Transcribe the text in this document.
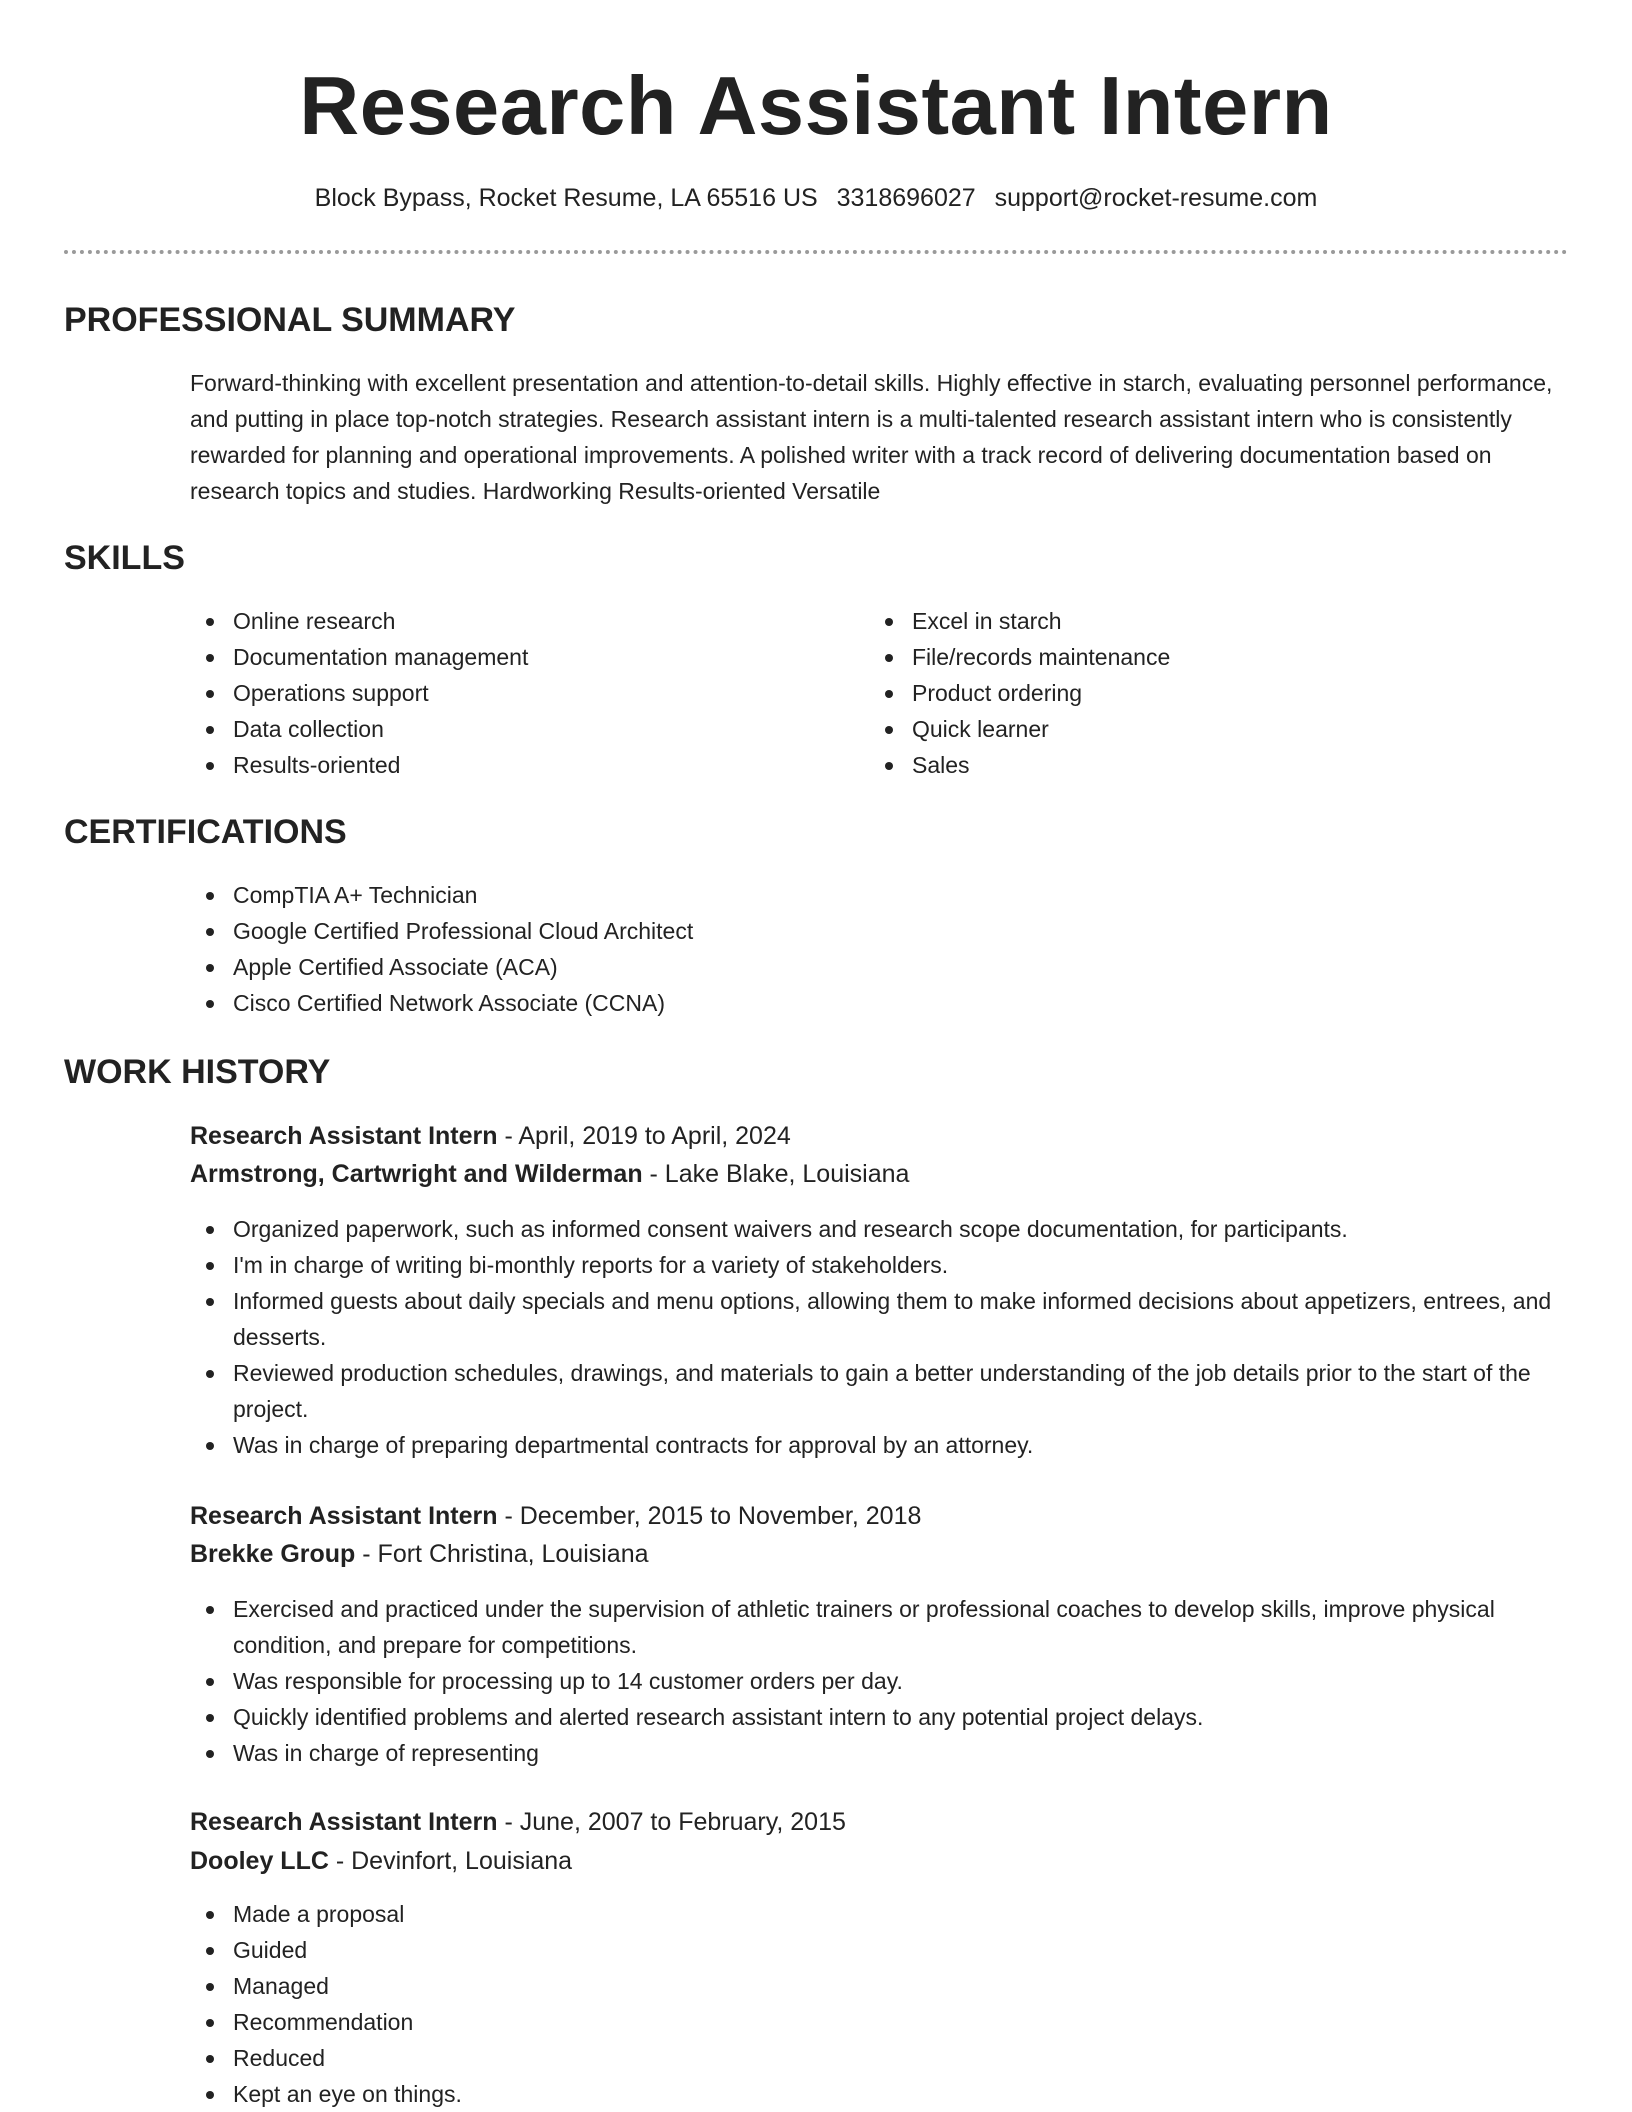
Research Assistant Intern
Block Bypass, Rocket Resume, LA 65516 US 3318696027 support@rocket-resume.com
PROFESSIONAL SUMMARY

Forward-thinking with excellent presentation and attention-to-detail skills. Highly effective in starch, evaluating personnel performance, and putting in place top-notch strategies. Research assistant intern is a multi-talented research assistant intern who is consistently rewarded for planning and operational improvements. A polished writer with a track record of delivering documentation based on research topics and studies. Hardworking Results-oriented Versatile

SKILLS
Online research
Documentation management
Operations support
Data collection
Results-oriented
Excel in starch
File/records maintenance
Product ordering
Quick learner
Sales
CERTIFICATIONS
CompTIA A+ Technician
Google Certified Professional Cloud Architect
Apple Certified Associate (ACA)
Cisco Certified Network Associate (CCNA)
WORK HISTORY
Research Assistant Intern - April, 2019 to April, 2024
Armstrong, Cartwright and Wilderman - Lake Blake, Louisiana
Organized paperwork, such as informed consent waivers and research scope documentation, for participants.
I'm in charge of writing bi-monthly reports for a variety of stakeholders.
Informed guests about daily specials and menu options, allowing them to make informed decisions about appetizers, entrees, and desserts.
Reviewed production schedules, drawings, and materials to gain a better understanding of the job details prior to the start of the project.
Was in charge of preparing departmental contracts for approval by an attorney.
Research Assistant Intern - December, 2015 to November, 2018
Brekke Group - Fort Christina, Louisiana
Exercised and practiced under the supervision of athletic trainers or professional coaches to develop skills, improve physical condition, and prepare for competitions.
Was responsible for processing up to 14 customer orders per day.
Quickly identified problems and alerted research assistant intern to any potential project delays.
Was in charge of representing
Research Assistant Intern - June, 2007 to February, 2015
Dooley LLC - Devinfort, Louisiana
Made a proposal
Guided
Managed
Recommendation
Reduced
Kept an eye on things.
